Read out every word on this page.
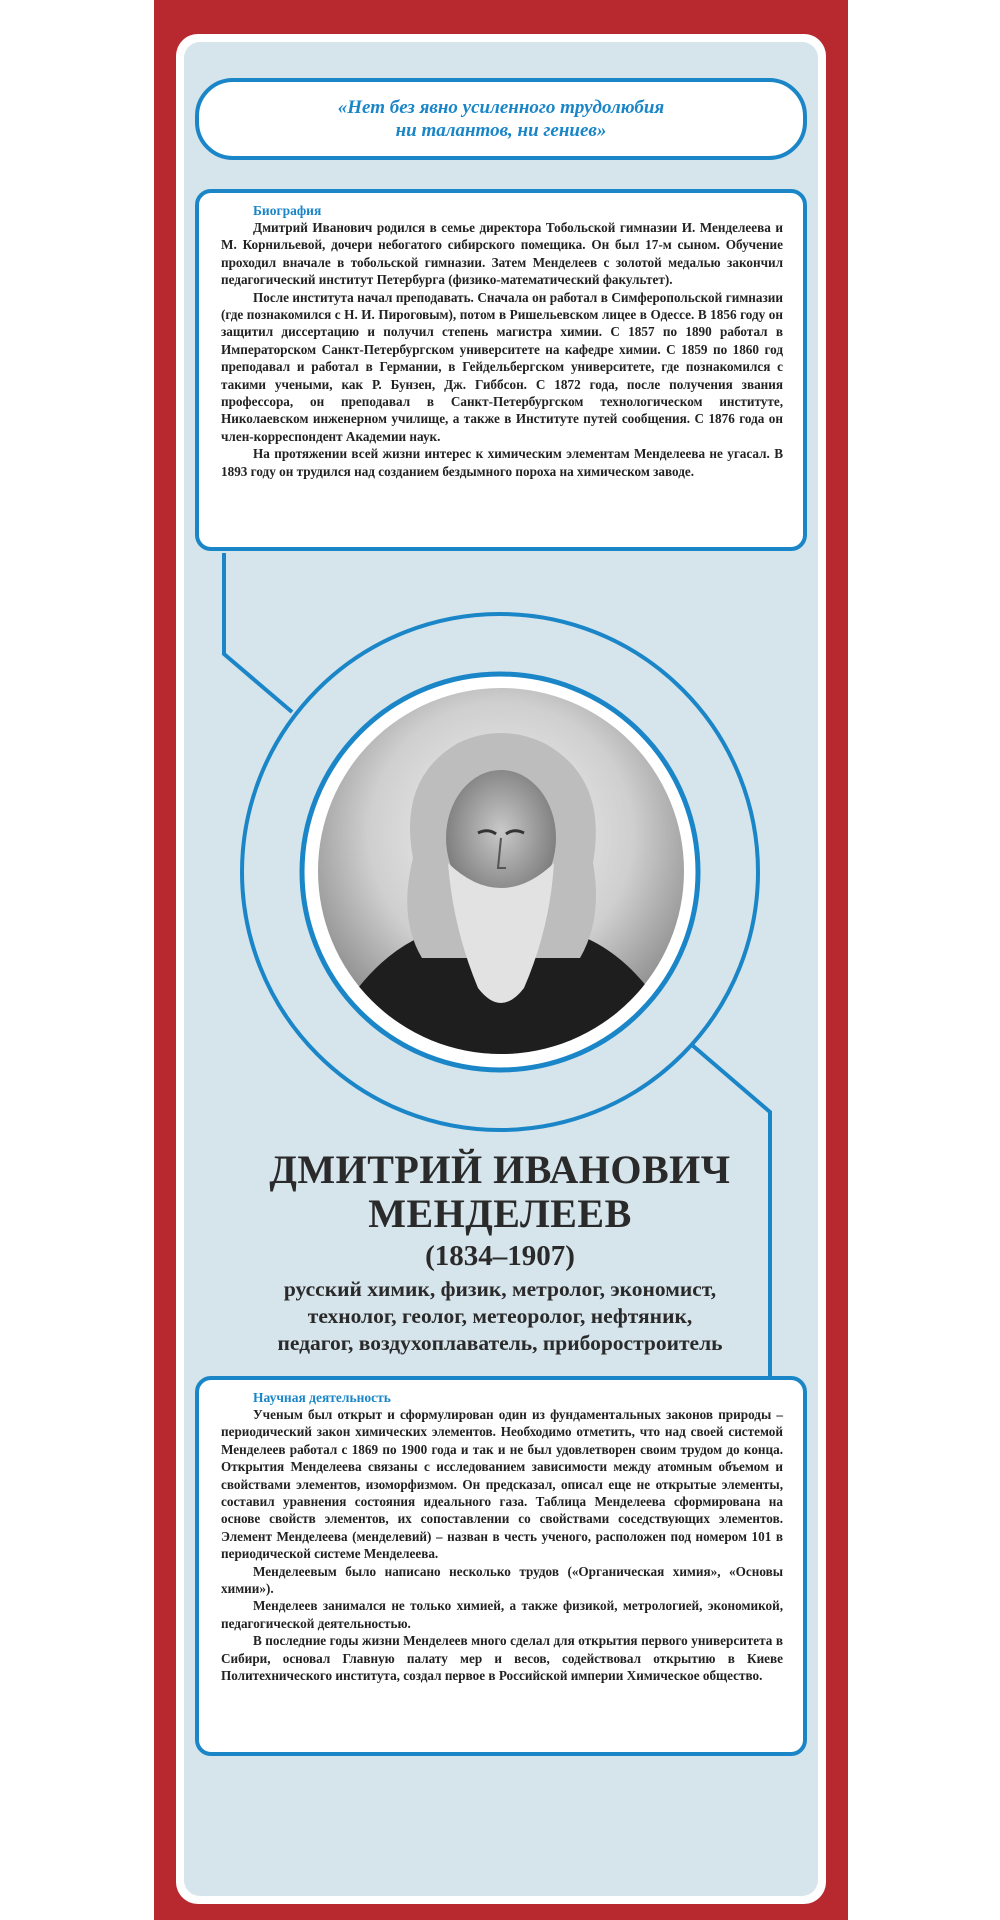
«Нет без явно усиленного трудолюбия
ни талантов, ни гениев»
Биография

Дмитрий Иванович родился в семье директора Тобольской гимназии И. Менделеева и М. Корнильевой, дочери небогатого сибирского помещика. Он был 17-м сыном. Обучение проходил вначале в тобольской гимназии. Затем Менделеев с золотой медалью закончил педагогический институт Петербурга (физико-математический факультет).

После института начал преподавать. Сначала он работал в Симферопольской гимназии (где познакомился с Н. И. Пироговым), потом в Ришельевском лицее в Одессе. В 1856 году он защитил диссертацию и получил степень магистра химии. С 1857 по 1890 работал в Императорском Санкт-Петербургском университете на кафедре химии. С 1859 по 1860 год преподавал и работал в Германии, в Гейдельбергском университете, где познакомился с такими учеными, как Р. Бунзен, Дж. Гиббсон. С 1872 года, после получения звания профессора, он преподавал в Санкт-Петербургском технологическом институте, Николаевском инженерном училище, а также в Институте путей сообщения. С 1876 года он член-корреспондент Академии наук.

На протяжении всей жизни интерес к химическим элементам Менделеева не угасал. В 1893 году он трудился над созданием бездымного пороха на химическом заводе.

ДМИТРИЙ ИВАНОВИЧ
МЕНДЕЛЕЕВ
(1834–1907)
русский химик, физик, метролог, экономист,
технолог, геолог, метеоролог, нефтяник,
педагог, воздухоплаватель, приборостроитель
Научная деятельность

Ученым был открыт и сформулирован один из фундаментальных законов природы – периодический закон химических элементов. Необходимо отметить, что над своей системой Менделеев работал с 1869 по 1900 года и так и не был удовлетворен своим трудом до конца. Открытия Менделеева связаны с исследованием зависимости между атомным объемом и свойствами элементов, изоморфизмом. Он предсказал, описал еще не открытые элементы, составил уравнения состояния идеального газа. Таблица Менделеева сформирована на основе свойств элементов, их сопоставлении со свойствами соседствующих элементов. Элемент Менделеева (менделевий) – назван в честь ученого, расположен под номером 101 в периодической системе Менделеева.

Менделеевым было написано несколько трудов («Органическая химия», «Основы химии»).

Менделеев занимался не только химией, а также физикой, метрологией, экономикой, педагогической деятельностью.

В последние годы жизни Менделеев много сделал для открытия первого университета в Сибири, основал Главную палату мер и весов, содействовал открытию в Киеве Политехнического института, создал первое в Российской империи Химическое общество.
